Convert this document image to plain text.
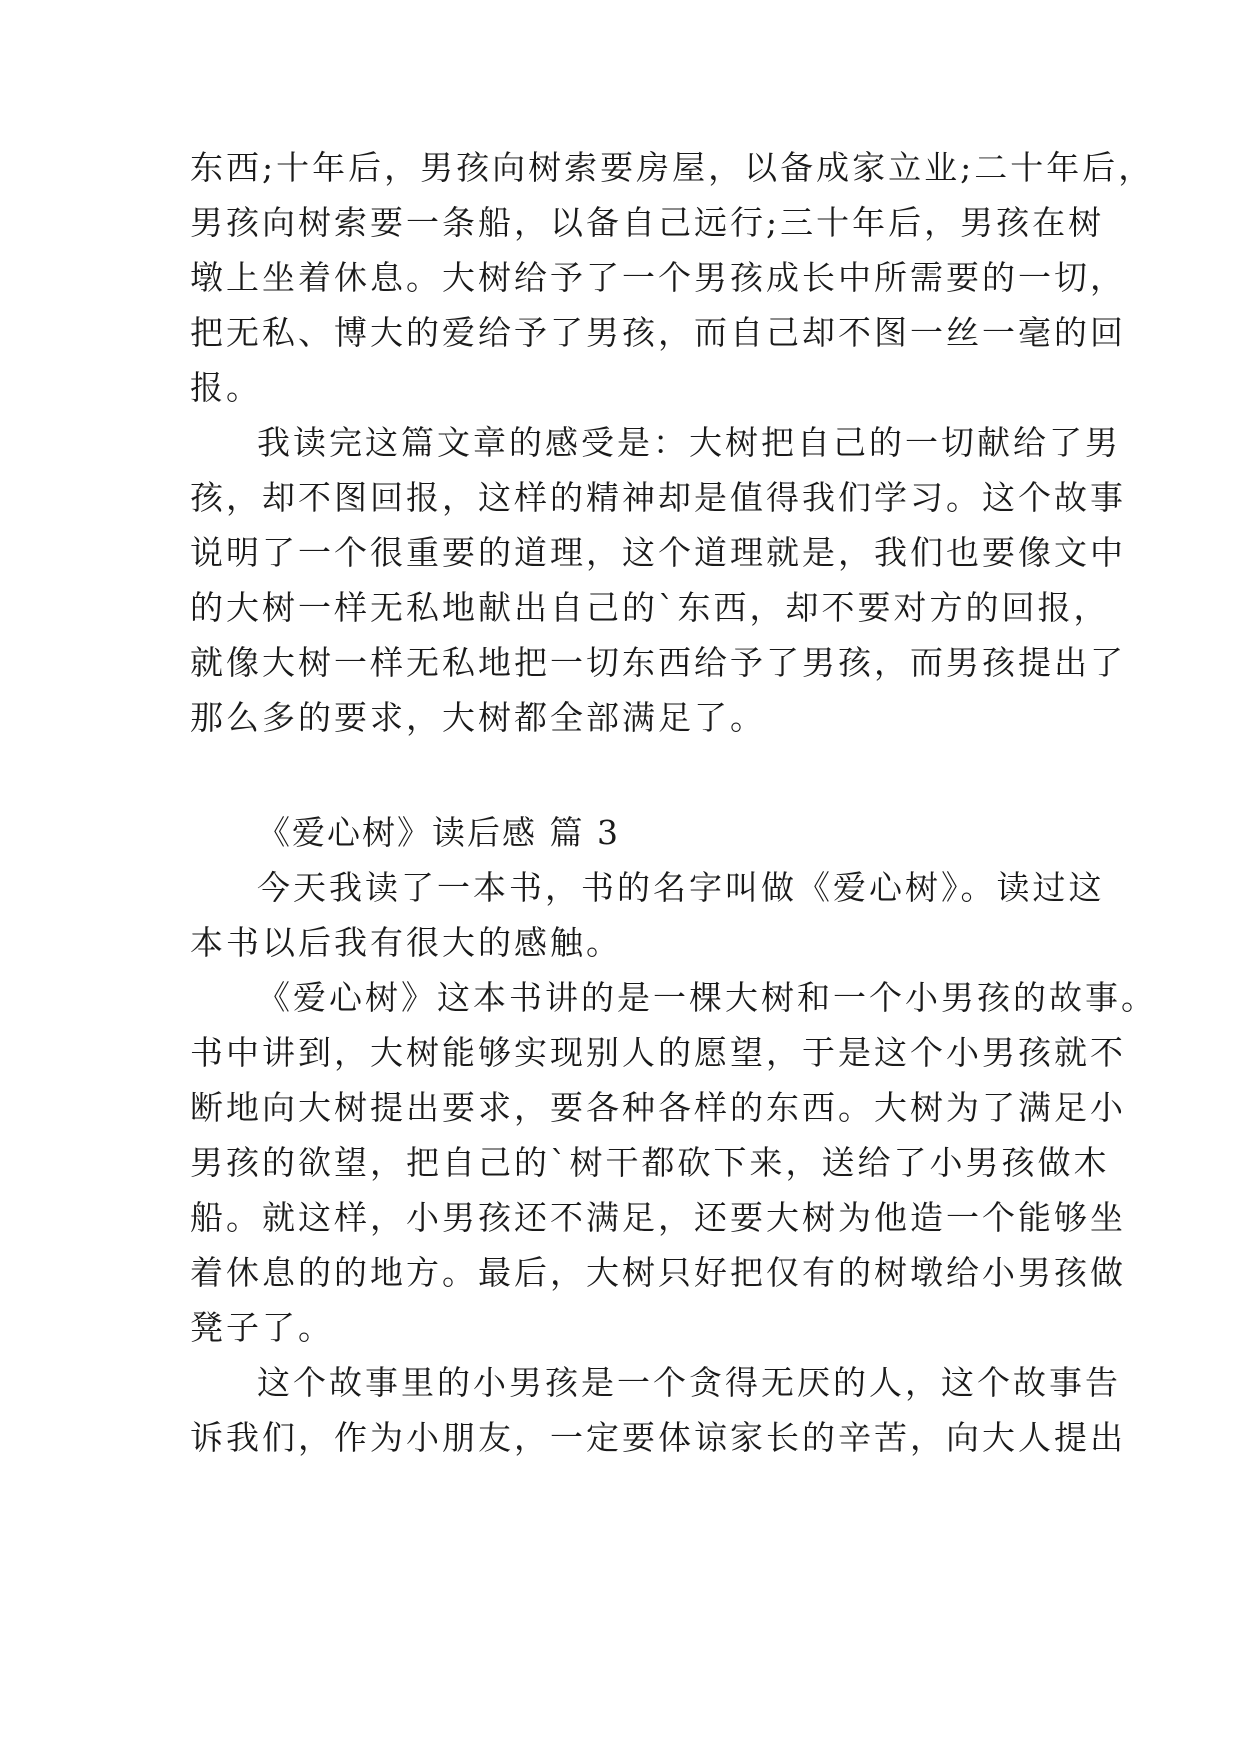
东西;十年后，男孩向树索要房屋，以备成家立业;二十年后，
男孩向树索要一条船，以备自己远行;三十年后，男孩在树
墩上坐着休息。大树给予了一个男孩成长中所需要的一切，
把无私、博大的爱给予了男孩，而自己却不图一丝一毫的回
报。
我读完这篇文章的感受是：大树把自己的一切献给了男
孩，却不图回报，这样的精神却是值得我们学习。这个故事
说明了一个很重要的道理，这个道理就是，我们也要像文中
的大树一样无私地献出自己的`东西，却不要对方的回报，
就像大树一样无私地把一切东西给予了男孩，而男孩提出了
那么多的要求，大树都全部满足了。
《爱心树》读后感 篇 3
今天我读了一本书，书的名字叫做《爱心树》。读过这
本书以后我有很大的感触。
《爱心树》这本书讲的是一棵大树和一个小男孩的故事。
书中讲到，大树能够实现别人的愿望，于是这个小男孩就不
断地向大树提出要求，要各种各样的东西。大树为了满足小
男孩的欲望，把自己的`树干都砍下来，送给了小男孩做木
船。就这样，小男孩还不满足，还要大树为他造一个能够坐
着休息的的地方。最后，大树只好把仅有的树墩给小男孩做
凳子了。
这个故事里的小男孩是一个贪得无厌的人，这个故事告
诉我们，作为小朋友，一定要体谅家长的辛苦，向大人提出
